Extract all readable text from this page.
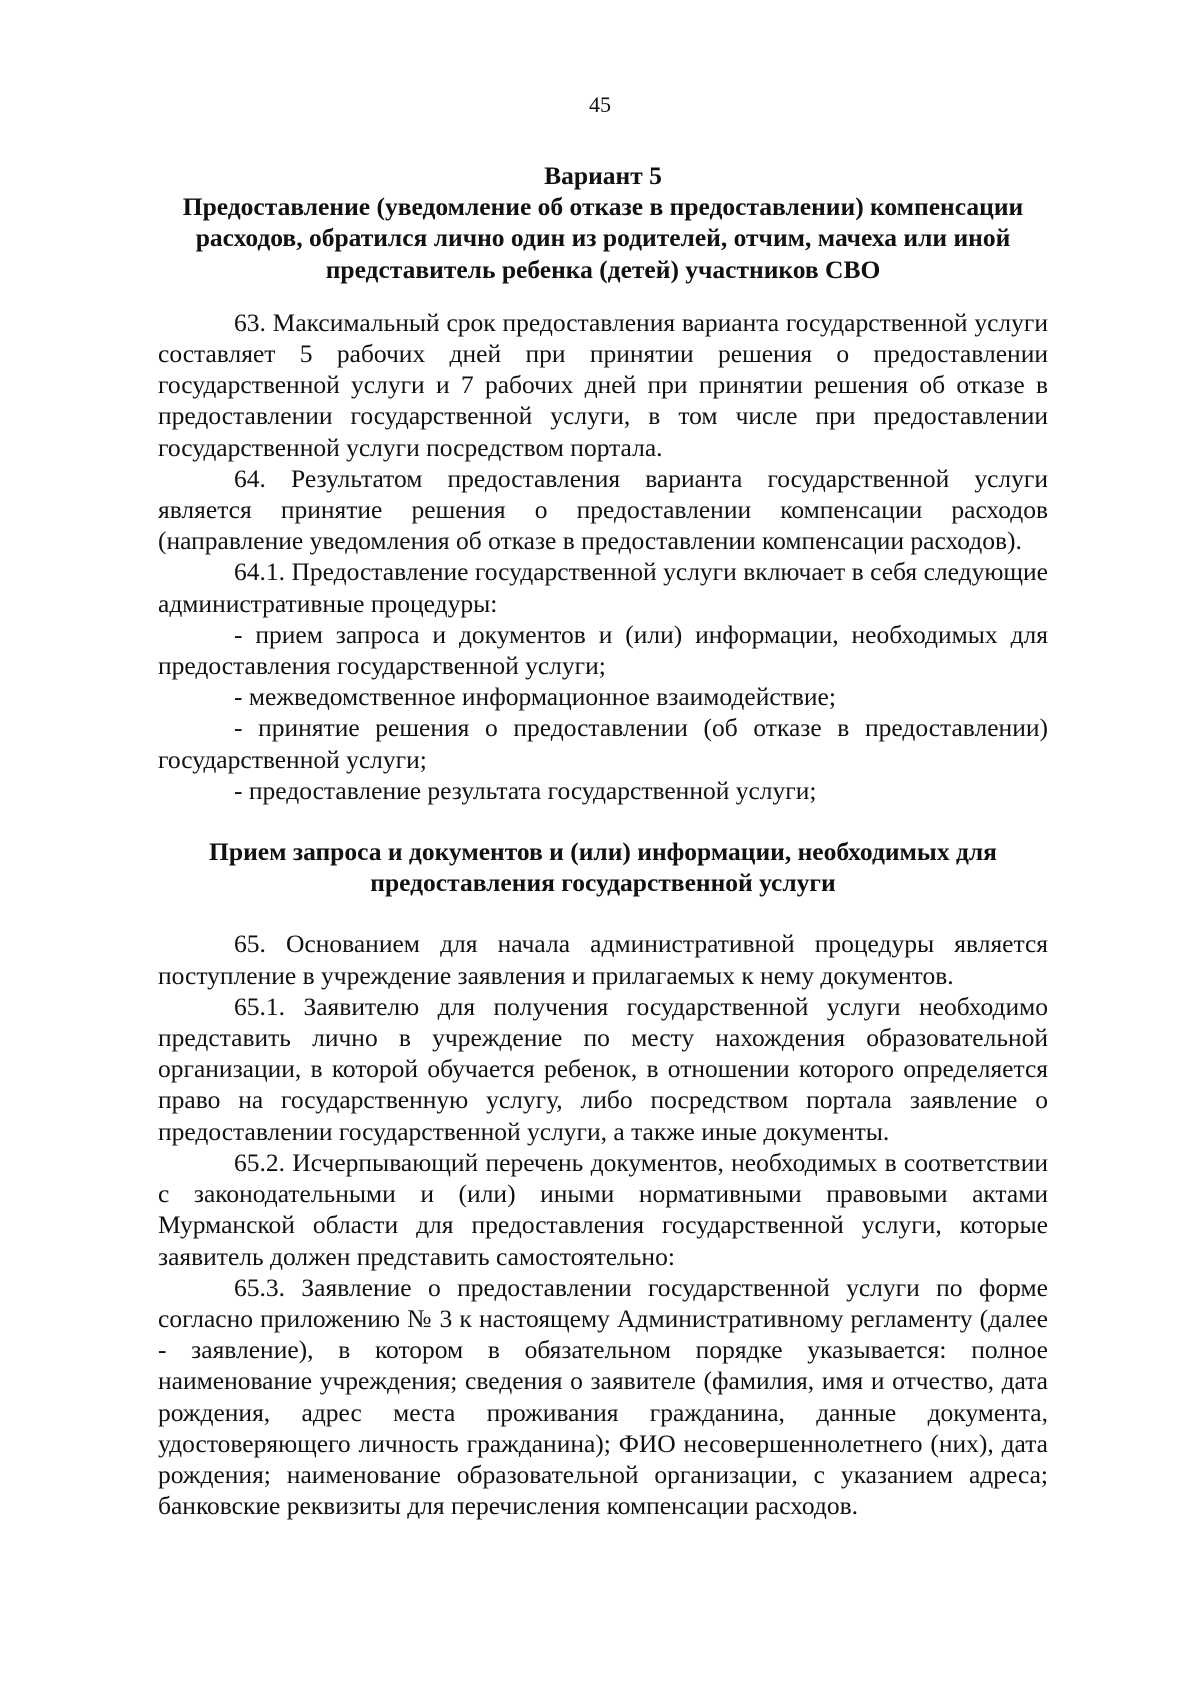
45
Вариант 5
Предоставление (уведомление об отказе в предоставлении) компенсации расходов, обратился лично один из родителей, отчим, мачеха или иной представитель ребенка (детей) участников СВО

63. Максимальный срок предоставления варианта государственной услуги составляет 5 рабочих дней при принятии решения о предоставлении государственной услуги и 7 рабочих дней при принятии решения об отказе в предоставлении государственной услуги, в том числе при предоставлении государственной услуги посредством портала.

64. Результатом предоставления варианта государственной услуги является принятие решения о предоставлении компенсации расходов (направление уведомления об отказе в предоставлении компенсации расходов).

64.1. Предоставление государственной услуги включает в себя следующие административные процедуры:

- прием запроса и документов и (или) информации, необходимых для предоставления государственной услуги;

- межведомственное информационное взаимодействие;

- принятие решения о предоставлении (об отказе в предоставлении) государственной услуги;

- предоставление результата государственной услуги;

Прием запроса и документов и (или) информации, необходимых для предоставления государственной услуги

65. Основанием для начала административной процедуры является поступление в учреждение заявления и прилагаемых к нему документов.

65.1. Заявителю для получения государственной услуги необходимо представить лично в учреждение по месту нахождения образовательной организации, в которой обучается ребенок, в отношении которого определяется право на государственную услугу, либо посредством портала заявление о предоставлении государственной услуги, а также иные документы.

65.2. Исчерпывающий перечень документов, необходимых в соответствии с законодательными и (или) иными нормативными правовыми актами Мурманской области для предоставления государственной услуги, которые заявитель должен представить самостоятельно:

65.3. Заявление о предоставлении государственной услуги по форме согласно приложению № 3 к настоящему Административному регламенту (далее - заявление), в котором в обязательном порядке указывается: полное наименование учреждения; сведения о заявителе (фамилия, имя и отчество, дата рождения, адрес места проживания гражданина, данные документа, удостоверяющего личность гражданина); ФИО несовершеннолетнего (них), дата рождения; наименование образовательной организации, с указанием адреса; банковские реквизиты для перечисления компенсации расходов.
